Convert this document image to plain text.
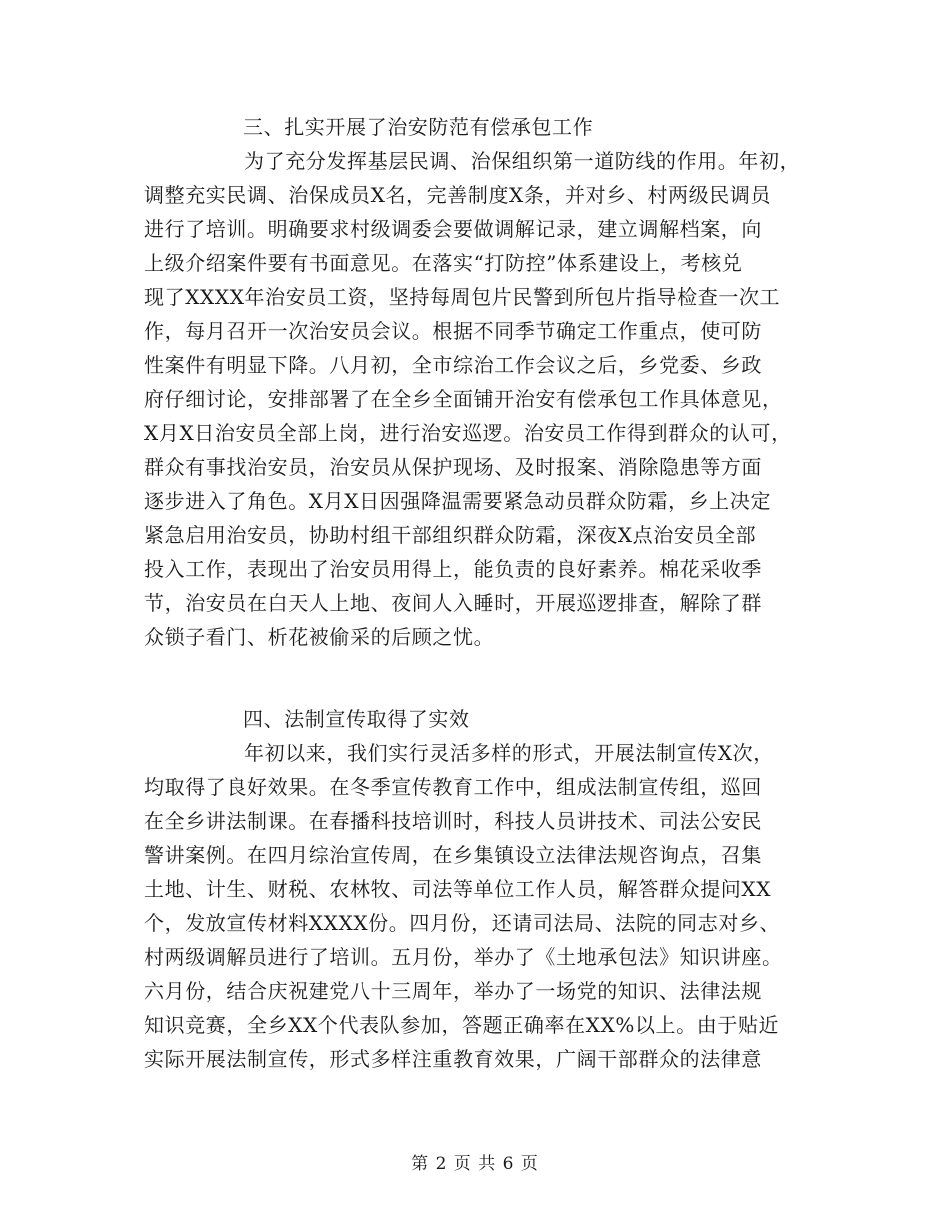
三、扎实开展了治安防范有偿承包工作
为了充分发挥基层民调、治保组织第一道防线的作用。年初，
调整充实民调、治保成员X名，完善制度X条，并对乡、村两级民调员
进行了培训。明确要求村级调委会要做调解记录，建立调解档案，向
上级介绍案件要有书面意见。在落实“打防控”体系建设上，考核兑
现了XXXX年治安员工资，坚持每周包片民警到所包片指导检查一次工
作，每月召开一次治安员会议。根据不同季节确定工作重点，使可防
性案件有明显下降。八月初，全市综治工作会议之后，乡党委、乡政
府仔细讨论，安排部署了在全乡全面铺开治安有偿承包工作具体意见，
X月X日治安员全部上岗，进行治安巡逻。治安员工作得到群众的认可，
群众有事找治安员，治安员从保护现场、及时报案、消除隐患等方面
逐步进入了角色。X月X日因强降温需要紧急动员群众防霜，乡上决定
紧急启用治安员，协助村组干部组织群众防霜，深夜X点治安员全部
投入工作，表现出了治安员用得上，能负责的良好素养。棉花采收季
节，治安员在白天人上地、夜间人入睡时，开展巡逻排查，解除了群
众锁子看门、析花被偷采的后顾之忧。
四、法制宣传取得了实效
年初以来，我们实行灵活多样的形式，开展法制宣传X次，
均取得了良好效果。在冬季宣传教育工作中，组成法制宣传组，巡回
在全乡讲法制课。在春播科技培训时，科技人员讲技术、司法公安民
警讲案例。在四月综治宣传周，在乡集镇设立法律法规咨询点，召集
土地、计生、财税、农林牧、司法等单位工作人员，解答群众提问XX
个，发放宣传材料XXXX份。四月份，还请司法局、法院的同志对乡、
村两级调解员进行了培训。五月份，举办了《土地承包法》知识讲座。
六月份，结合庆祝建党八十三周年，举办了一场党的知识、法律法规
知识竞赛，全乡XX个代表队参加，答题正确率在XX%以上。由于贴近
实际开展法制宣传，形式多样注重教育效果，广阔干部群众的法律意
第 2 页 共 6 页
